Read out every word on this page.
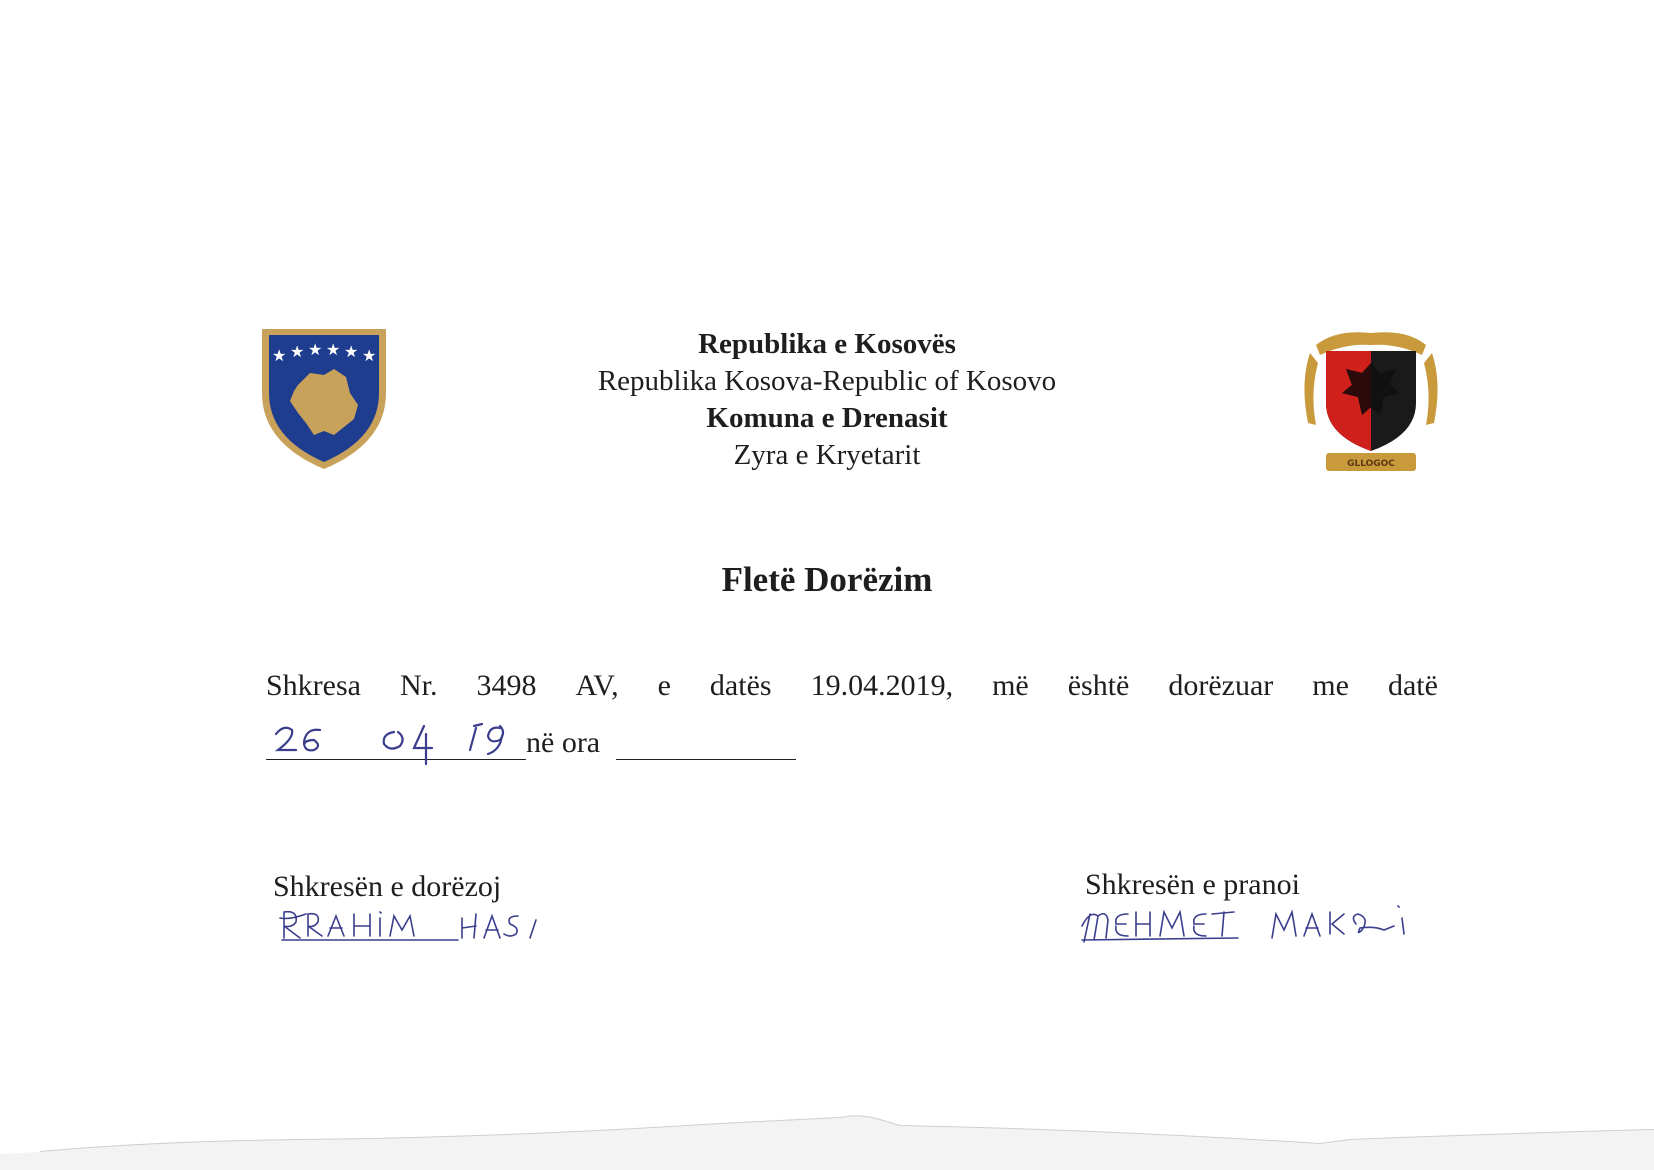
★ ★ ★ ★ ★ ★	Republika e Kosovës

Republika Kosova-Republic of Kosovo

Komuna e Drenasit

Zyra e Kryetarit	GLLOGOC
Fletë Dorëzim
Shkresa Nr. 3498 AV, e datës 19.04.2019, më është dorëzuar me datë
në ora

Shkresën e dorëzoj	Shkresën e pranoi
